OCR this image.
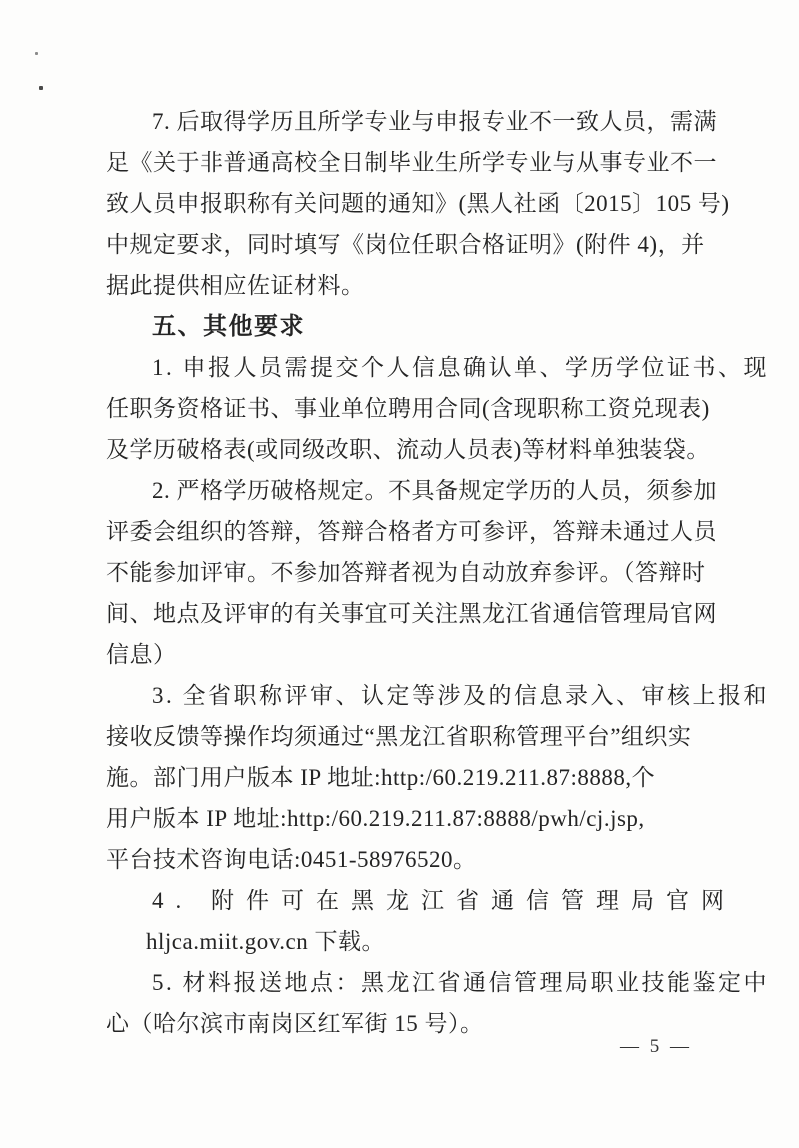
7. 后取得学历且所学专业与申报专业不一致人员，需满
足《关于非普通高校全日制毕业生所学专业与从事专业不一
致人员申报职称有关问题的通知》(黑人社函〔2015〕105 号)
中规定要求，同时填写《岗位任职合格证明》(附件 4)，并
据此提供相应佐证材料。
五、其他要求
1. 申报人员需提交个人信息确认单、学历学位证书、现
任职务资格证书、事业单位聘用合同(含现职称工资兑现表)
及学历破格表(或同级改职、流动人员表)等材料单独装袋。
2. 严格学历破格规定。不具备规定学历的人员，须参加
评委会组织的答辩，答辩合格者方可参评，答辩未通过人员
不能参加评审。不参加答辩者视为自动放弃参评。（答辩时
间、地点及评审的有关事宜可关注黑龙江省通信管理局官网
信息）
3. 全省职称评审、认定等涉及的信息录入、审核上报和
接收反馈等操作均须通过“黑龙江省职称管理平台”组织实
施。部门用户版本 IP 地址:http:/60.219.211.87:8888,个
用户版本 IP 地址:http:/60.219.211.87:8888/pwh/cj.jsp,
平台技术咨询电话:0451-58976520。
4. 附件可在黑龙江省通信管理局官网
hljca.miit.gov.cn 下载。
5. 材料报送地点：黑龙江省通信管理局职业技能鉴定中
心（哈尔滨市南岗区红军街 15 号）。
— 5 —
